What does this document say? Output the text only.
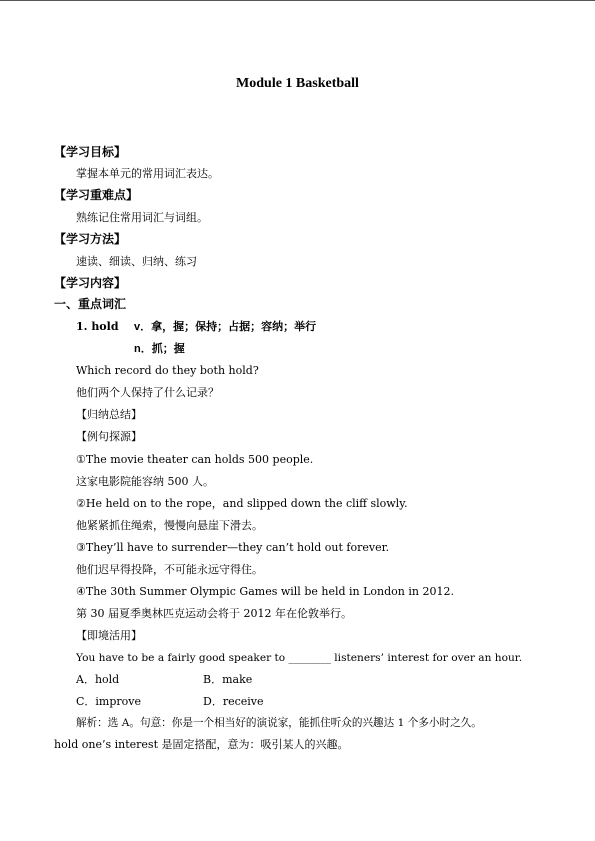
Module 1 Basketball
【学习目标】
掌握本单元的常用词汇表达。
【学习重难点】
熟练记住常用词汇与词组。
【学习方法】
速读、细读、归纳、练习
【学习内容】
一、重点词汇
1. hold v．拿，握；保持；占据；容纳；举行
n．抓；握
Which record do they both hold?
他们两个人保持了什么记录？
【归纳总结】
【例句探源】
①The movie theater can holds 500 people.
这家电影院能容纳 500 人。
②He held on to the rope，and slipped down the cliff slowly.
他紧紧抓住绳索，慢慢向悬崖下滑去。
③They’ll have to surrender—they can’t hold out forever.
他们迟早得投降，不可能永远守得住。
④The 30th Summer Olympic Games will be held in London in 2012.
第 30 届夏季奥林匹克运动会将于 2012 年在伦敦举行。
【即境活用】
You have to be a fairly good speaker to ________ listeners’ interest for over an hour.
A．hold	B．make
C．improve	D．receive
解析：选 A。句意：你是一个相当好的演说家，能抓住听众的兴趣达 1 个多小时之久。
hold one’s interest 是固定搭配，意为：吸引某人的兴趣。
